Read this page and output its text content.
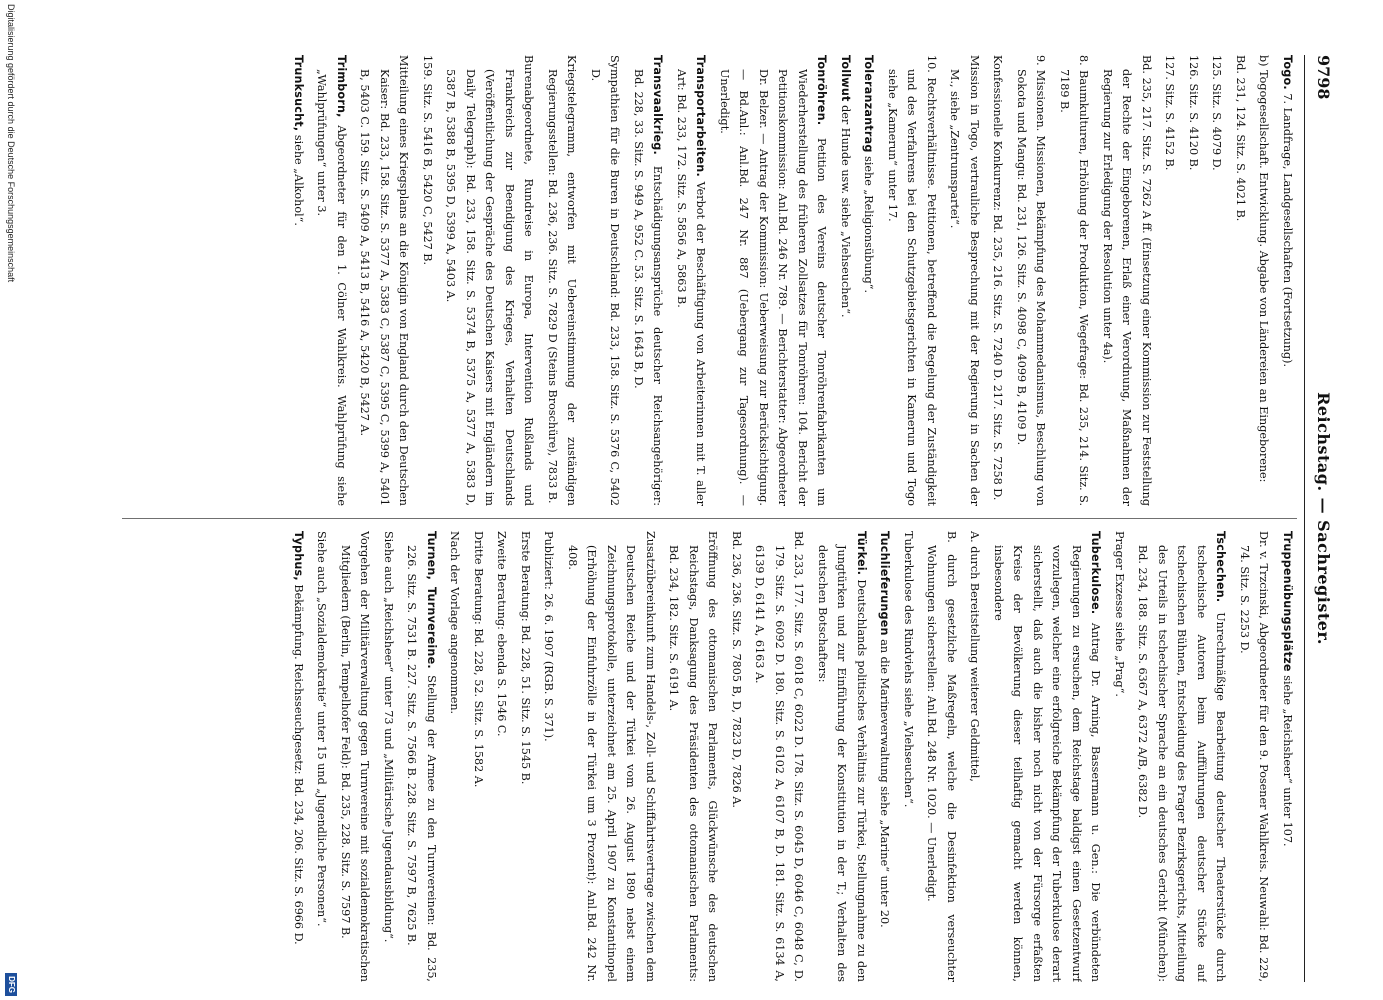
9798
Reichstag. — Sachregister.

Togo. 7. Landfrage, Landgesellschaften (Fortsetzung).

b) Togogesellschaft. Entwicklung. Abgabe von Ländereien an Eingeborene:

Bd. 231, 124. Sitz. S. 4021 B.

125. Sitz. S. 4079 D.

126. Sitz. S. 4120 B.

127. Sitz. S. 4152 B.

Bd. 235, 217. Sitz. S. 7262 A ff. (Einsetzung einer Kommission zur Feststellung der Rechte der Eingeborenen, Erlaß einer Verordnung, Maßnahmen der Regierung zur Erledigung der Resolution unter 4a).

8. Baumkulturen, Erhöhung der Produktion, Wegefrage: Bd. 235, 214. Sitz. S. 7189 B.

9. Missionen. Missionen, Bekämpfung des Mohammedanismus, Beschlung von Sokota und Mangu: Bd. 231, 126. Sitz. S. 4098 C, 4099 B, 4109 D.

Konfessionelle Konkurrenz: Bd. 235, 216. Sitz. S. 7240 D. 217. Sitz. S. 7258 D.

Mission in Togo, vertrauliche Besprechung mit der Regierung in Sachen der M., siehe „Zentrumspartei“.

10. Rechtsverhältnisse. Petitionen, betreffend die Regelung der Zuständigkeit und des Verfahrens bei den Schutzgebietsgerichten in Kamerun und Togo siehe „Kamerun“ unter 17.

Toleranzantrag siehe „Religionsübung“.

Tollwut der Hunde usw. siehe „Viehseuchen“.

Tonröhren. Petition des Vereins deutscher Tonröhrenfabrikanten um Wiederherstellung des früheren Zollsatzes für Tonröhren: 104. Bericht der Petitionskommission: Anl.Bd. 246 Nr. 789. — Berichterstatter: Abgeordneter Dr. Belzer. — Antrag der Kommission: Ueberweisung zur Berücksichtigung. — Bd.Anl.: Anl.Bd. 247 Nr. 887 (Uebergang zur Tagesordnung). — Unerledigt.

Transportarbeiten. Verbot der Beschäftigung von Arbeiterinnen mit T. aller Art: Bd. 233, 172. Sitz. S. 5856 A, 5863 B.

Transvaalkrieg. Entschädigungsansprüche deutscher Reichsangehöriger: Bd. 228, 33. Sitz. S. 949 A, 952 C. 53. Sitz. S. 1643 B, D.

Sympathien für die Buren in Deutschland: Bd. 233, 158. Sitz. S. 5376 C, 5402 D.

Kriegstelegramm, entworfen mit Uebereinstimmung der zuständigen Regierungsstellen: Bd. 236, 236. Sitz. S. 7829 D (Steins Broschüre), 7833 B.

Burenabgeordnete, Rundreise in Europa, Intervention Rußlands und Frankreichs zur Beendigung des Krieges, Verhalten Deutschlands (Veröffentlichung der Gespräche des Deutschen Kaisers mit Engländern im Daily Telegraph): Bd. 233, 158. Sitz. S. 5374 B, 5375 A, 5377 A, 5383 D, 5387 B, 5388 B, 5395 D, 5399 A, 5403 A.

159. Sitz. S. 5416 B, 5420 C, 5427 B.

Mitteilung eines Kriegsplans an die Königin von England durch den Deutschen Kaiser: Bd. 233, 158. Sitz. S. 5377 A, 5383 C, 5387 C, 5395 C, 5399 A, 5401 B, 5403 C. 159. Sitz. S. 5409 A, 5413 B, 5416 A, 5420 B, 5427 A.

Trimborn, Abgeordneter für den 1. Cölner Wahlkreis. Wahlprüfung siehe „Wahlprüfungen“ unter 3.

Trunksucht, siehe „Alkohol“.

Truppenübungsplätze siehe „Reichsheer“ unter 107.

Dr. v. Trzcinski, Abgeordneter für den 9. Posener Wahlkreis. Neuwahl: Bd. 229, 74. Sitz. S. 2253 D.

Tschechen. Unrechtmäßige Bearbeitung deutscher Theaterstücke durch tschechische Autoren beim Aufführungen deutscher Stücke auf tschechischen Bühnen, Entscheidung des Prager Bezirksgerichts, Mitteilung des Urteils in tschechischer Sprache an ein deutsches Gericht (München): Bd. 234, 188. Sitz. S. 6367 A, 6372 A/B, 6382 D.

Prager Exzesse siehe „Prag“.

Tuberkulose. Antrag Dr. Arning, Bassermann u. Gen.: Die verbündeten Regierungen zu ersuchen, dem Reichstage baldigst einen Gesetzentwurf vorzulegen, welcher eine erfolgreiche Bekämpfung der Tuberkulose derart sicherstellt, daß auch die bisher noch nicht von der Fürsorge erfaßten Kreise der Bevölkerung dieser teilhaftig gemacht werden können, insbesondere

A. durch Bereitstellung weiterer Geldmittel,

B. durch gesetzliche Maßregeln, welche die Desinfektion verseuchter Wohnungen sicherstellen: Anl.Bd. 248 Nr. 1020. — Unerledigt.

Tuberkulose des Rindviehs siehe „Viehseuchen“.

Tuchlieferungen an die Marineverwaltung siehe „Marine“ unter 20.

Türkei. Deutschlands politisches Verhältnis zur Türkei, Stellungnahme zu den Jungtürken und zur Einführung der Konstitution in der T.; Verhalten des deutschen Botschafters:

Bd. 233, 177. Sitz. S. 6018 C, 6022 D. 178. Sitz. S. 6045 D, 6046 C, 6048 C, D. 179. Sitz. S. 6092 D. 180. Sitz. S. 6102 A, 6107 B, D. 181. Sitz. S. 6134 A, 6139 D, 6141 A, 6163 A.

Bd. 236, 236. Sitz. S. 7805 B, D, 7823 D, 7826 A.

Eröffnung des ottomanischen Parlaments, Glückwünsche des deutschen Reichstags, Danksagung des Präsidenten des ottomanischen Parlaments: Bd. 234, 182. Sitz. S. 6191 A.

Zusatzübereinkunft zum Handels-, Zoll- und Schiffahrtsvertrage zwischen dem Deutschen Reiche und der Türkei vom 26. August 1890 nebst einem Zeichnungsprotokolle, unterzeichnet am 25. April 1907 zu Konstantinopel (Erhöhung der Einfuhrzölle in der Türkei um 3 Prozent): Anl.Bd. 242 Nr. 408.

Publiziert: 26. 6. 1907 (RGB. S. 371).

Erste Beratung: Bd. 228, 51. Sitz. S. 1545 B.

Zweite Beratung: ebenda S. 1546 C.

Dritte Beratung: Bd. 228, 52. Sitz. S. 1582 A.

Nach der Vorlage angenommen.

Turnen, Turnvereine. Stellung der Armee zu den Turnvereinen: Bd. 235, 226. Sitz. S. 7531 B. 227. Sitz. S. 7566 B. 228. Sitz. S. 7597 B, 7625 B.

Siehe auch „Reichsheer“ unter 73 und „Militärische Jugendausbildung“.

Vorgehen der Militärverwaltung gegen Turnvereine mit sozialdemokratischen Mitgliedern (Berlin, Tempelhofer Feld): Bd. 235, 228. Sitz. S. 7597 B.

Siehe auch „Sozialdemokratie“ unter 15 und „Jugendliche Personen“.

Typhus, Bekämpfung. Reichsseuchgesetz: Bd. 234, 206. Sitz. S. 6966 D.

Digitalisierung gefördert durch die Deutsche Forschungsgemeinschaft
DFG
